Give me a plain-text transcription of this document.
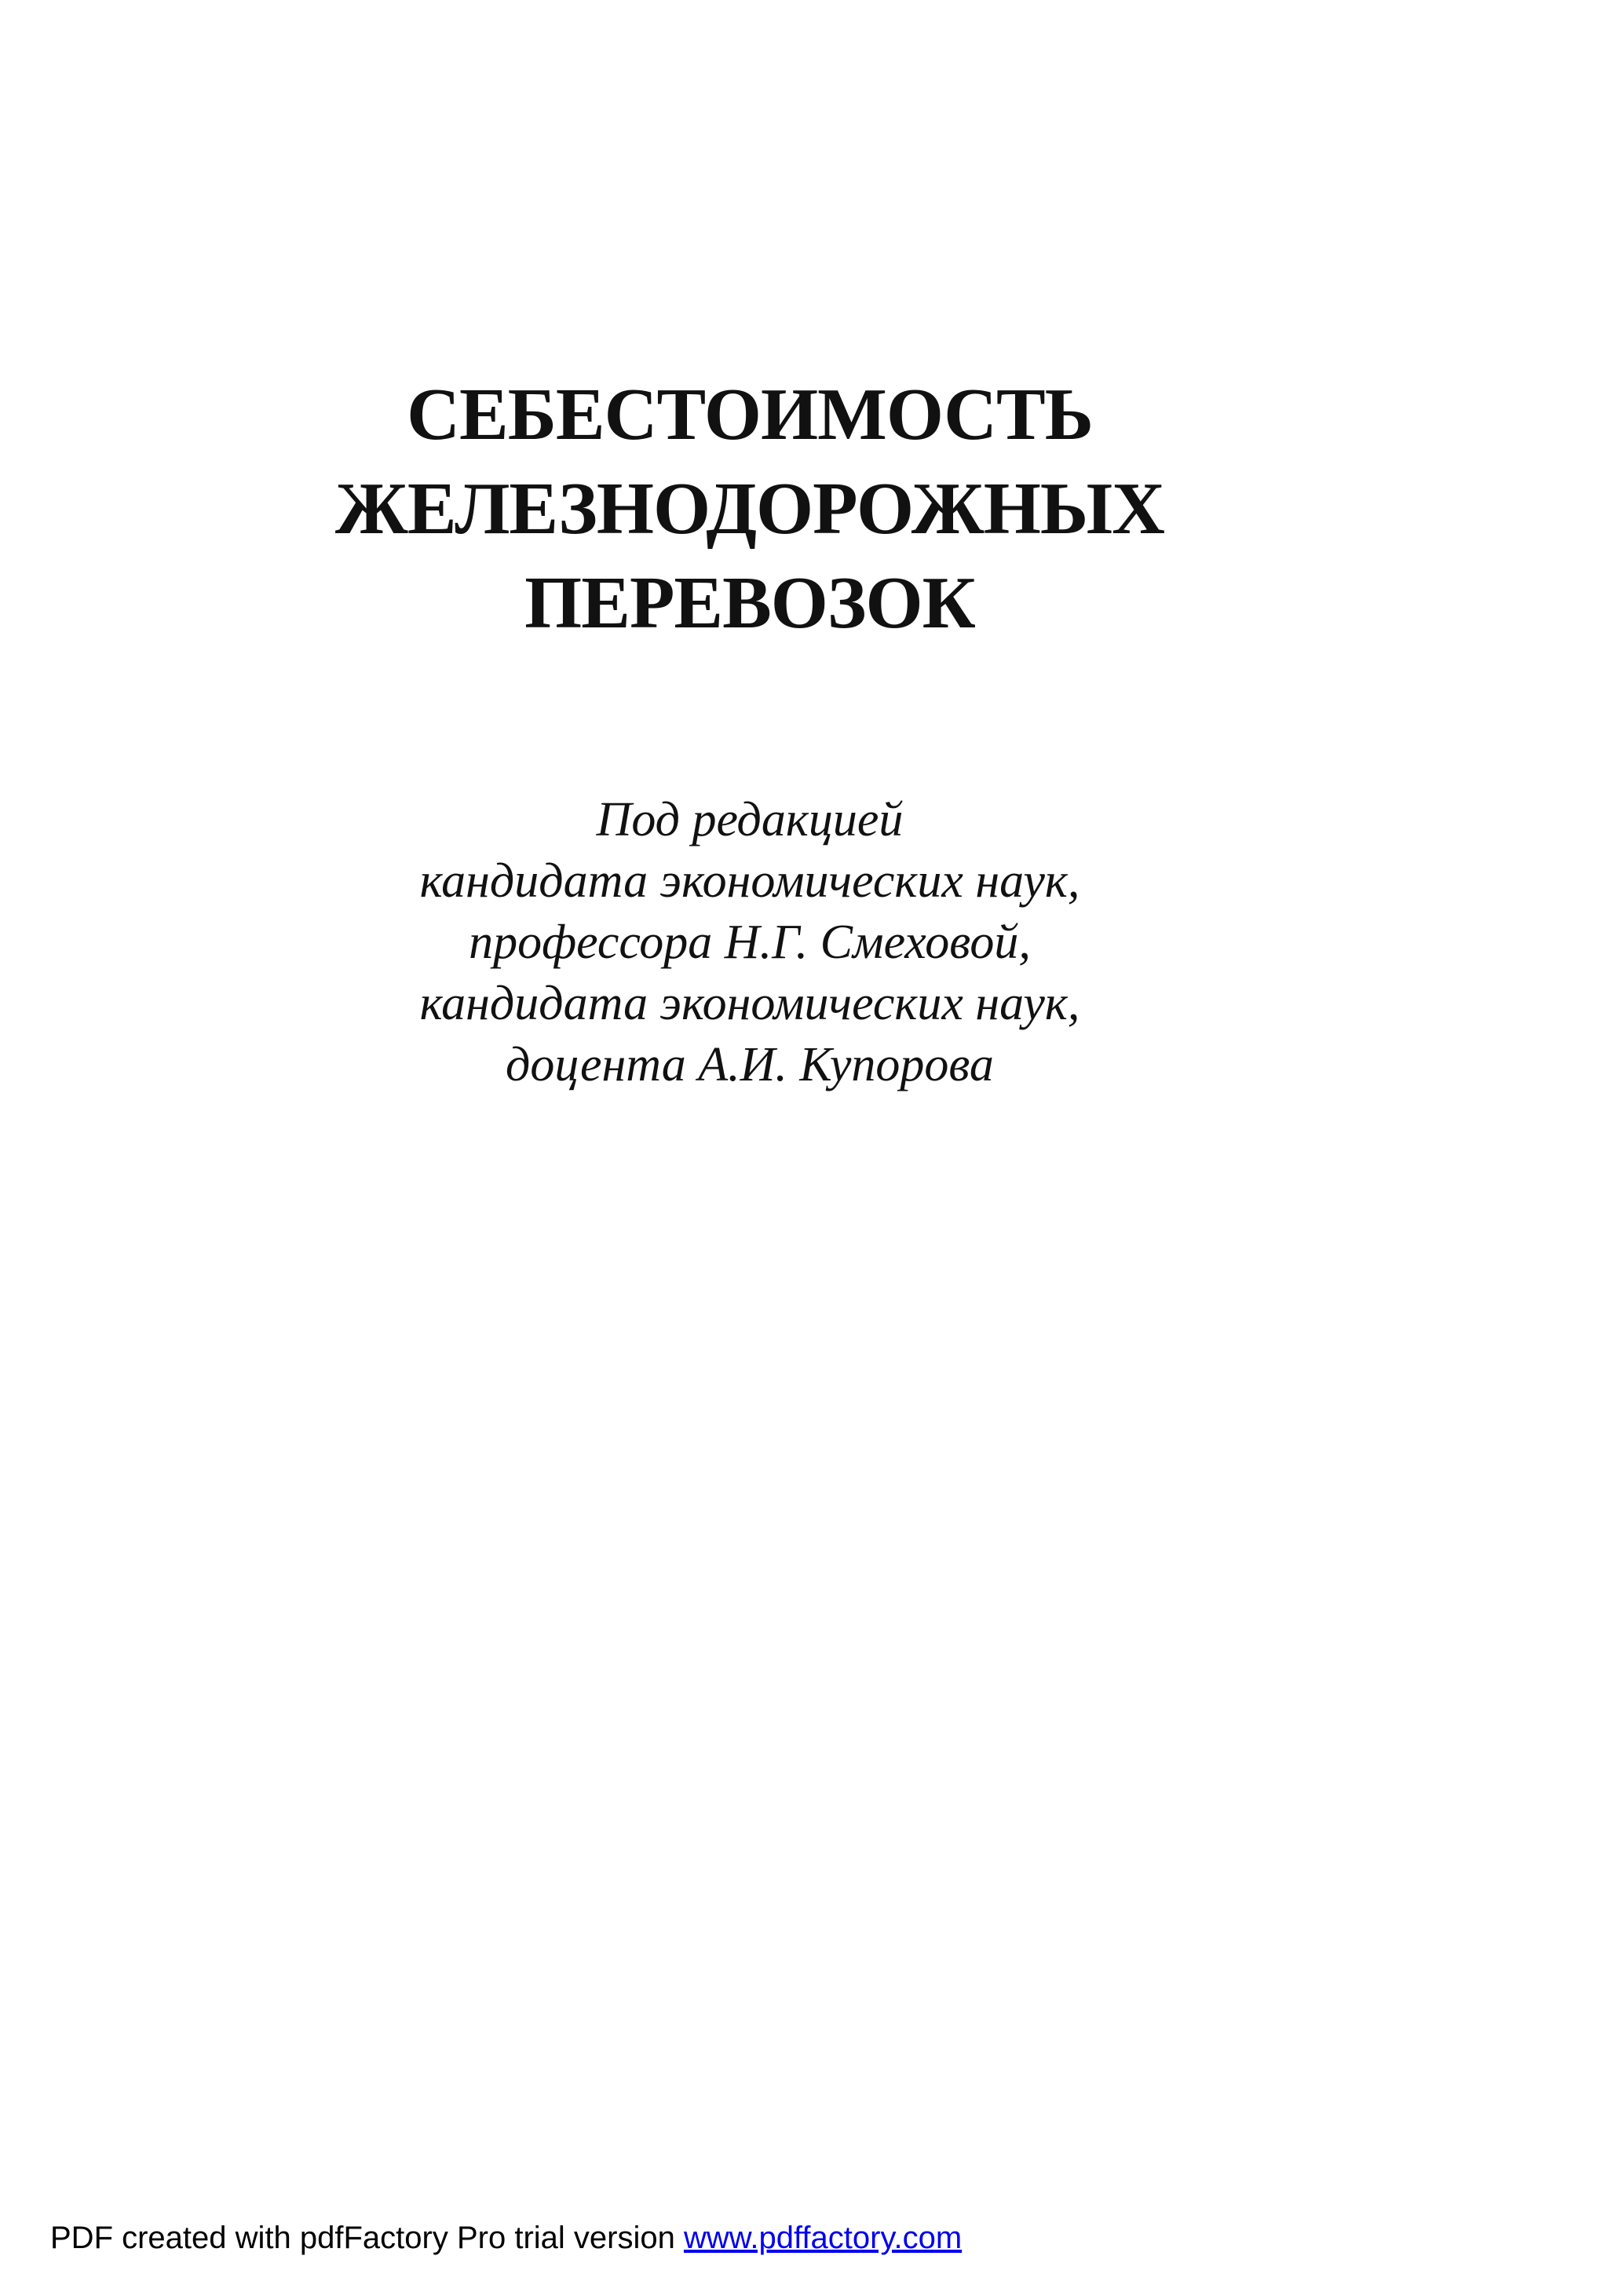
СЕБЕСТОИМОСТЬ
ЖЕЛЕЗНОДОРОЖНЫХ
ПЕРЕВОЗОК
Под редакцией
кандидата экономических наук,
профессора Н.Г. Смеховой,
кандидата экономических наук,
доцента А.И. Купорова
PDF created with pdfFactory Pro trial version www.pdffactory.com
